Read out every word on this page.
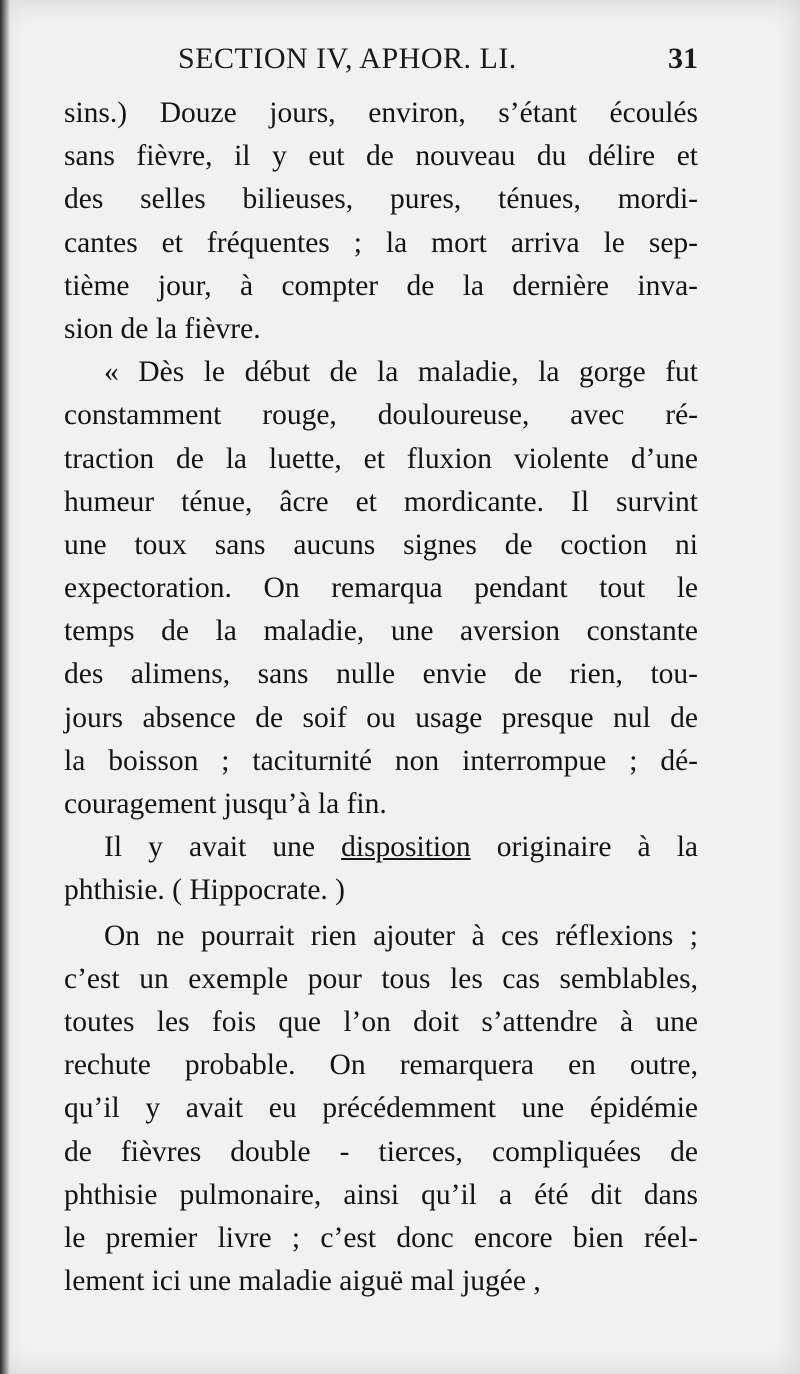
SECTION IV, APHOR. LI.	31
sins.) Douze jours, environ, s’étant écoulés
sans fièvre, il y eut de nouveau du délire et
des selles bilieuses, pures, ténues, mordi-
cantes et fréquentes ; la mort arriva le sep-
tième jour, à compter de la dernière inva-
sion de la fièvre.
« Dès le début de la maladie, la gorge fut
constamment rouge, douloureuse, avec ré-
traction de la luette, et fluxion violente d’une
humeur ténue, âcre et mordicante. Il survint
une toux sans aucuns signes de coction ni
expectoration. On remarqua pendant tout le
temps de la maladie, une aversion constante
des alimens, sans nulle envie de rien, tou-
jours absence de soif ou usage presque nul de
la boisson ; taciturnité non interrompue ; dé-
couragement jusqu’à la fin.
Il y avait une disposition originaire à la
phthisie. ( Hippocrate. )
On ne pourrait rien ajouter à ces réflexions ;
c’est un exemple pour tous les cas semblables,
toutes les fois que l’on doit s’attendre à une
rechute probable. On remarquera en outre,
qu’il y avait eu précédemment une épidémie
de fièvres double - tierces, compliquées de
phthisie pulmonaire, ainsi qu’il a été dit dans
le premier livre ; c’est donc encore bien réel-
lement ici une maladie aiguë mal jugée ,
